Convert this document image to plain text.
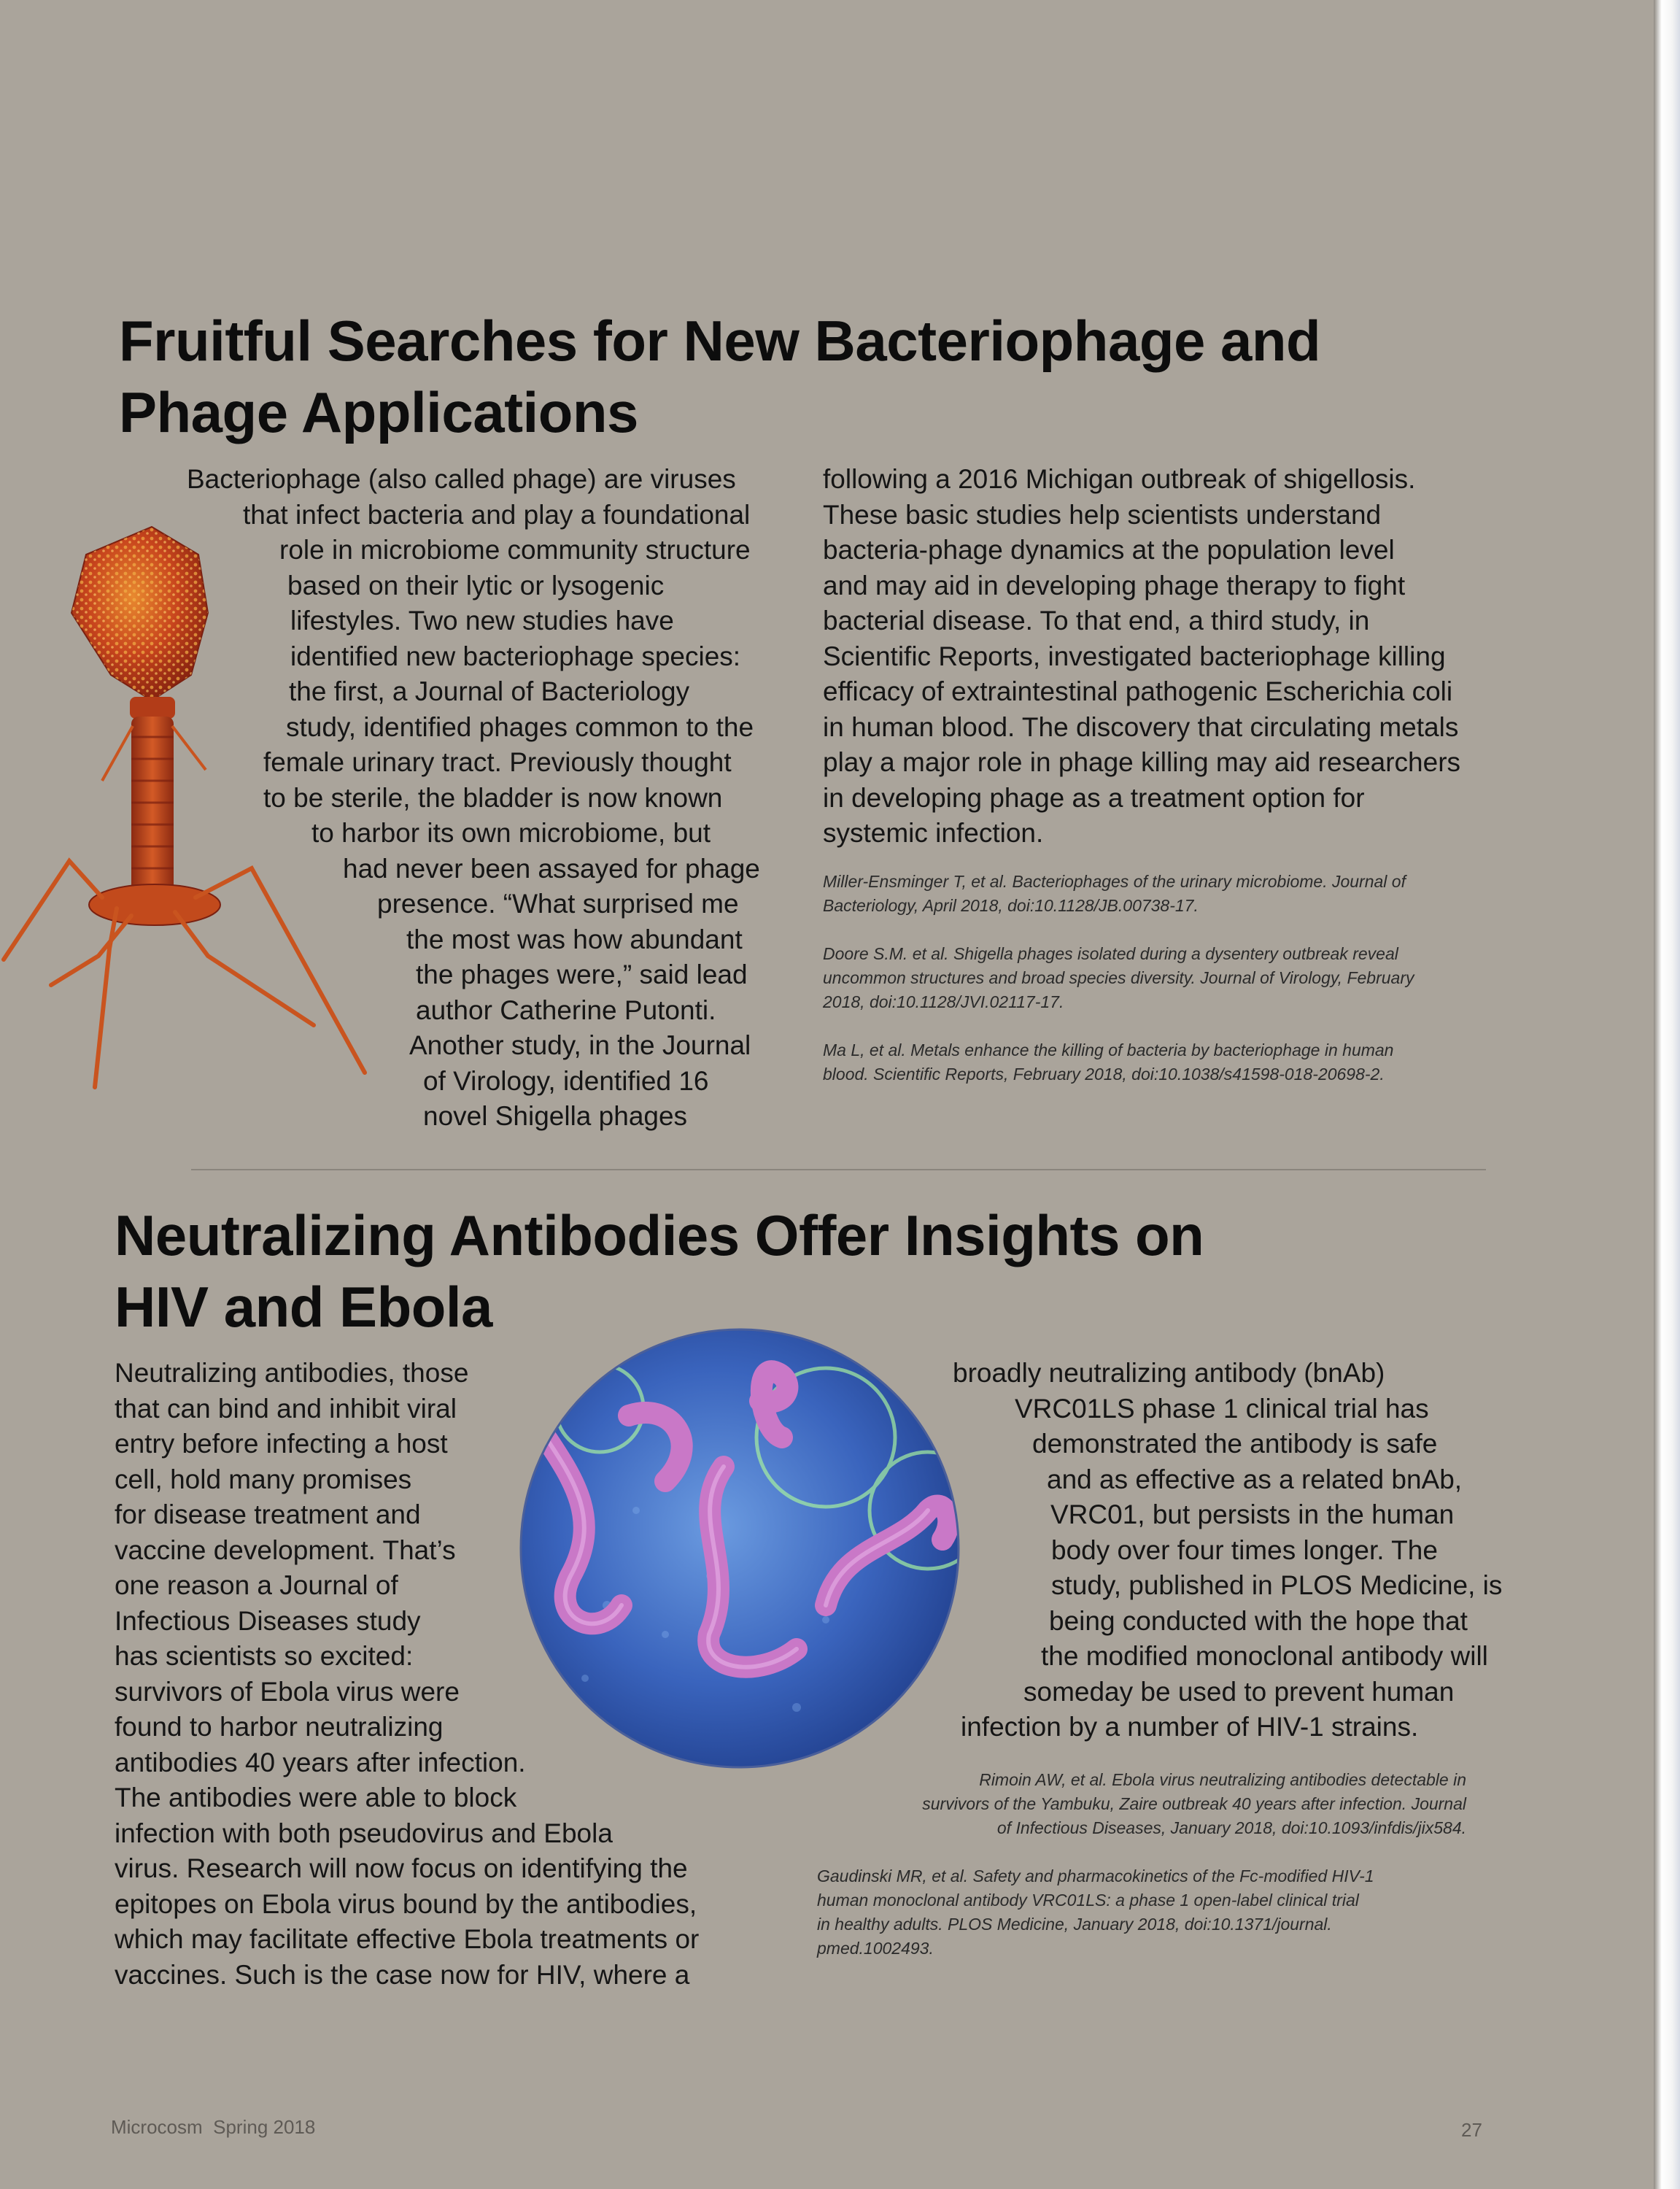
Fruitful Searches for New Bacteriophage and
Phage Applications
Bacteriophage (also called phage) are viruses
that infect bacteria and play a foundational
role in microbiome community structure
based on their lytic or lysogenic
lifestyles. Two new studies have
identified new bacteriophage species:
the first, a Journal of Bacteriology
study, identified phages common to the
female urinary tract. Previously thought
to be sterile, the bladder is now known
to harbor its own microbiome, but
had never been assayed for phage
presence. “What surprised me
the most was how abundant
the phages were,” said lead
author Catherine Putonti.
Another study, in the Journal
of Virology, identified 16
novel Shigella phages
following a 2016 Michigan outbreak of shigellosis.
These basic studies help scientists understand
bacteria-phage dynamics at the population level
and may aid in developing phage therapy to fight
bacterial disease. To that end, a third study, in
Scientific Reports, investigated bacteriophage killing
efficacy of extraintestinal pathogenic Escherichia coli
in human blood. The discovery that circulating metals
play a major role in phage killing may aid researchers
in developing phage as a treatment option for
systemic infection.

Miller-Ensminger T, et al. Bacteriophages of the urinary microbiome. Journal of
Bacteriology, April 2018, doi:10.1128/JB.00738-17.

Doore S.M. et al. Shigella phages isolated during a dysentery outbreak reveal
uncommon structures and broad species diversity. Journal of Virology, February
2018, doi:10.1128/JVI.02117-17.

Ma L, et al. Metals enhance the killing of bacteria by bacteriophage in human
blood. Scientific Reports, February 2018, doi:10.1038/s41598-018-20698-2.

Neutralizing Antibodies Offer Insights on
HIV and Ebola
Neutralizing antibodies, those
that can bind and inhibit viral
entry before infecting a host
cell, hold many promises
for disease treatment and
vaccine development. That’s
one reason a Journal of
Infectious Diseases study
has scientists so excited:
survivors of Ebola virus were
found to harbor neutralizing
antibodies 40 years after infection.
The antibodies were able to block
infection with both pseudovirus and Ebola
virus. Research will now focus on identifying the
epitopes on Ebola virus bound by the antibodies,
which may facilitate effective Ebola treatments or
vaccines. Such is the case now for HIV, where a
broadly neutralizing antibody (bnAb)
VRC01LS phase 1 clinical trial has
demonstrated the antibody is safe
and as effective as a related bnAb,
VRC01, but persists in the human
body over four times longer. The
study, published in PLOS Medicine, is
being conducted with the hope that
the modified monoclonal antibody will
someday be used to prevent human
infection by a number of HIV-1 strains.

Rimoin AW, et al. Ebola virus neutralizing antibodies detectable in
survivors of the Yambuku, Zaire outbreak 40 years after infection. Journal
of Infectious Diseases, January 2018, doi:10.1093/infdis/jix584.

Gaudinski MR, et al. Safety and pharmacokinetics of the Fc-modified HIV-1
human monoclonal antibody VRC01LS: a phase 1 open-label clinical trial
in healthy adults. PLOS Medicine, January 2018, doi:10.1371/journal.
pmed.1002493.

Microcosm  Spring 2018	27
